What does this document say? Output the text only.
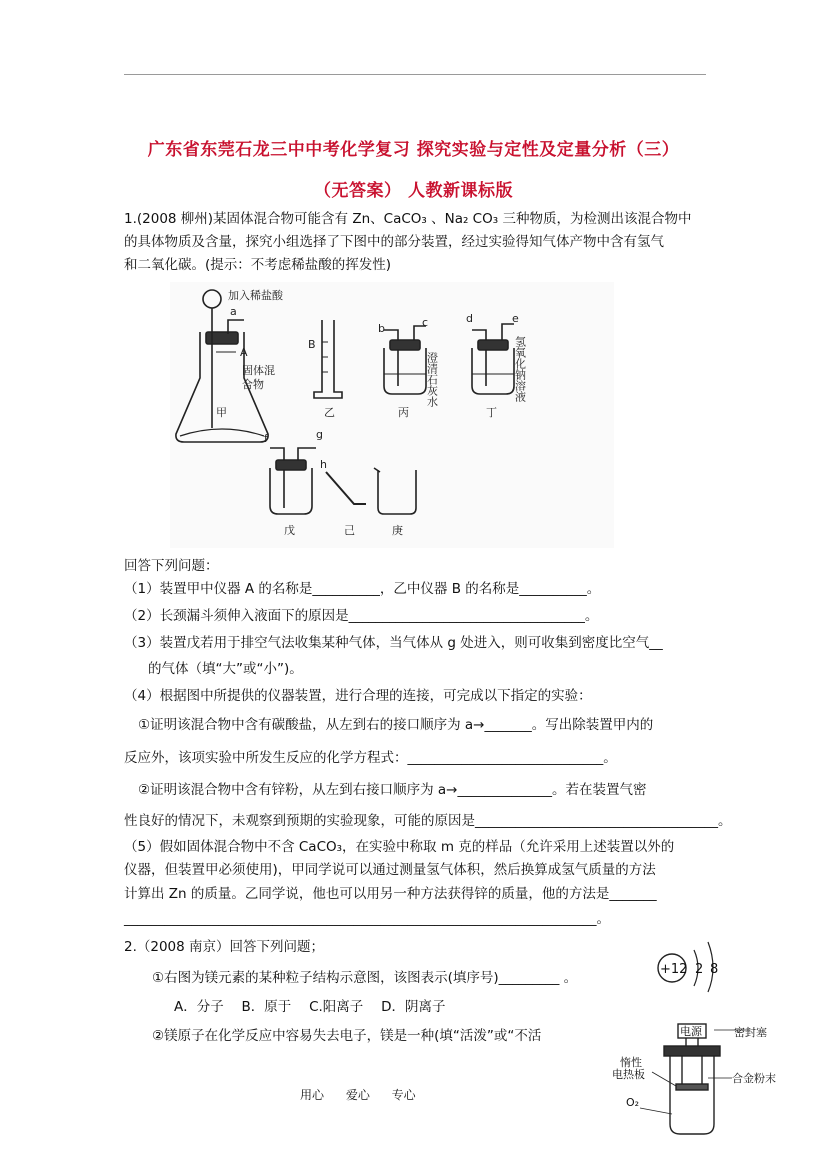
广东省东莞石龙三中中考化学复习 探究实验与定性及定量分析（三）
（无答案） 人教新课标版
1.(2008 柳州)某固体混合物可能含有 Zn、CaCO₃ 、Na₂ CO₃ 三种物质，为检测出该混合物中
的具体物质及含量，探究小组选择了下图中的部分装置，经过实验得知气体产物中含有氢气
和二氧化碳。(提示：不考虑稀盐酸的挥发性)
加入稀盐酸
a
A
固体混
合物
B
b	c	d	e
f	g
h
澄清石灰水	氢氧化钠溶液
甲	乙	丙	丁
戊	己	庚
回答下列问题：
（1）装置甲中仪器 A 的名称是__________，乙中仪器 B 的名称是__________。
（2）长颈漏斗须伸入液面下的原因是___________________________________。
（3）装置戊若用于排空气法收集某种气体，当气体从 g 处进入，则可收集到密度比空气__
的气体（填“大”或“小”)。
（4）根据图中所提供的仪器装置，进行合理的连接，可完成以下指定的实验：
①证明该混合物中含有碳酸盐，从左到右的接口顺序为 a→_______。写出除装置甲内的
反应外，该项实验中所发生反应的化学方程式：_____________________________。
②证明该混合物中含有锌粉，从左到右接口顺序为 a→______________。若在装置气密
性良好的情况下，未观察到预期的实验现象，可能的原因是____________________________________。
（5）假如固体混合物中不含 CaCO₃，在实验中称取 m 克的样品（允许采用上述装置以外的
仪器，但装置甲必须使用)，甲同学说可以通过测量氢气体积，然后换算成氢气质量的方法
计算出 Zn 的质量。乙同学说，他也可以用另一种方法获得锌的质量，他的方法是_______
______________________________________________________________________。
2.（2008 南京）回答下列问题；
①右图为镁元素的某种粒子结构示意图，该图表示(填序号)_________ 。
A．分子　 B．原于　 C.阳离子　 D．阴离子
②镁原子在化学反应中容易失去电子，镁是一种(填“活泼”或“不活
+12 2 8
电源	密封塞
惰性
电热板	合金粉末
O₂
用心 爱心 专心
